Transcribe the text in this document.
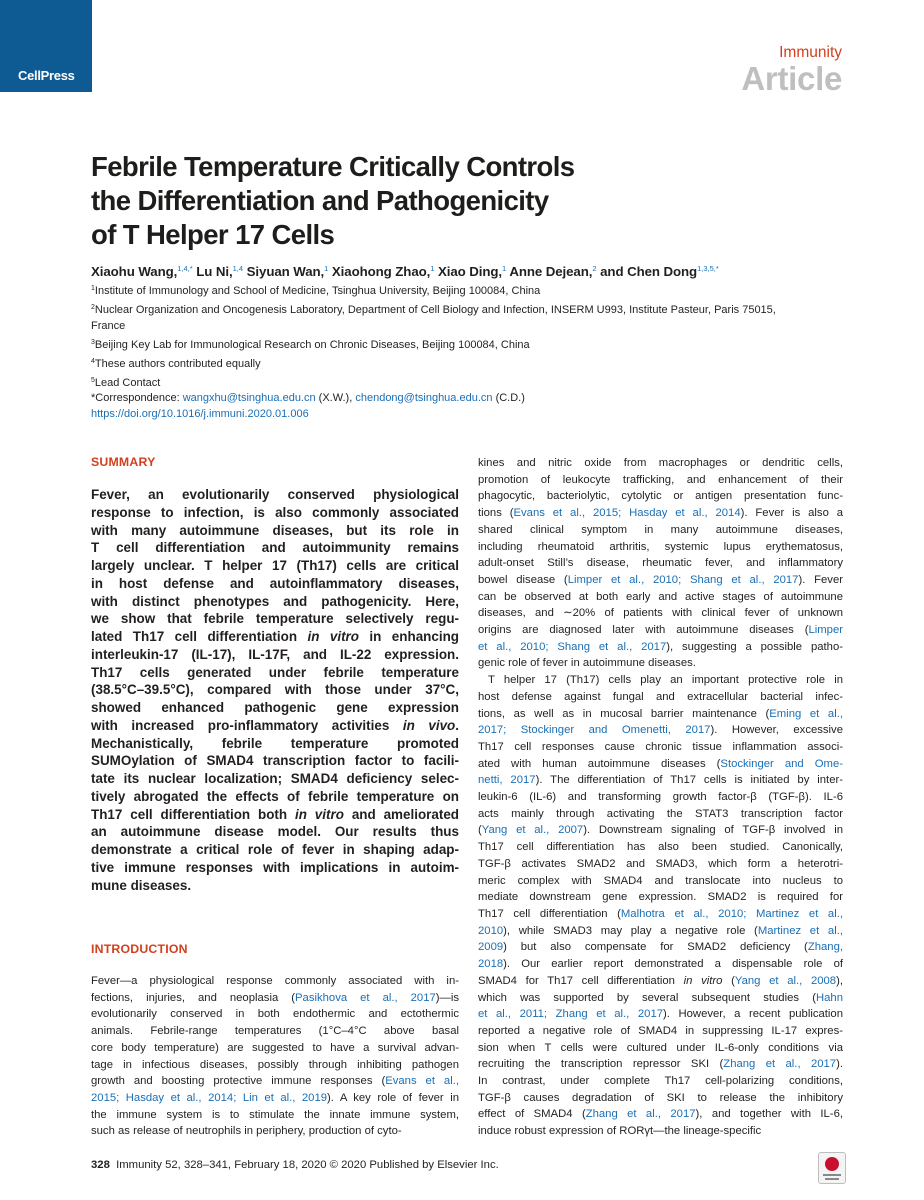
CellPress
Immunity
Article
Febrile Temperature Critically Controls
the Differentiation and Pathogenicity
of T Helper 17 Cells
Xiaohu Wang,$^{1,4,*}$ Lu Ni,$^{1,4}$ Siyuan Wan,$^1$ Xiaohong Zhao,$^1$ Xiao Ding,$^1$ Anne Dejean,$^2$ and Chen Dong$^{1,3,5,*}$
$^1$Institute of Immunology and School of Medicine, Tsinghua University, Beijing 100084, China
$^2$Nuclear Organization and Oncogenesis Laboratory, Department of Cell Biology and Infection, INSERM U993, Institute Pasteur, Paris 75015,
France
$^3$Beijing Key Lab for Immunological Research on Chronic Diseases, Beijing 100084, China
$^4$These authors contributed equally
$^5$Lead Contact
*Correspondence: wangxhu@tsinghua.edu.cn (X.W.), chendong@tsinghua.edu.cn (C.D.)
https://doi.org/10.1016/j.immuni.2020.01.006
SUMMARY
Fever, an evolutionarily conserved physiological
response to infection, is also commonly associated
with many autoimmune diseases, but its role in
T cell differentiation and autoimmunity remains
largely unclear. T helper 17 (Th17) cells are critical
in host defense and autoinflammatory diseases,
with distinct phenotypes and pathogenicity. Here,
we show that febrile temperature selectively regu-
lated Th17 cell differentiation in vitro in enhancing
interleukin-17 (IL-17), IL-17F, and IL-22 expression.
Th17 cells generated under febrile temperature
(38.5°C–39.5°C), compared with those under 37°C,
showed enhanced pathogenic gene expression
with increased pro-inflammatory activities in vivo.
Mechanistically, febrile temperature promoted
SUMOylation of SMAD4 transcription factor to facili-
tate its nuclear localization; SMAD4 deficiency selec-
tively abrogated the effects of febrile temperature on
Th17 cell differentiation both in vitro and ameliorated
an autoimmune disease model. Our results thus
demonstrate a critical role of fever in shaping adap-
tive immune responses with implications in autoim-
mune diseases.
INTRODUCTION
Fever—a physiological response commonly associated with in-
fections, injuries, and neoplasia (Pasikhova et al., 2017)—is
evolutionarily conserved in both endothermic and ectothermic
animals. Febrile-range temperatures (1°C–4°C above basal
core body temperature) are suggested to have a survival advan-
tage in infectious diseases, possibly through inhibiting pathogen
growth and boosting protective immune responses (Evans et al.,
2015; Hasday et al., 2014; Lin et al., 2019). A key role of fever in
the immune system is to stimulate the innate immune system,
such as release of neutrophils in periphery, production of cyto-
kines and nitric oxide from macrophages or dendritic cells,
promotion of leukocyte trafficking, and enhancement of their
phagocytic, bacteriolytic, cytolytic or antigen presentation func-
tions (Evans et al., 2015; Hasday et al., 2014). Fever is also a
shared clinical symptom in many autoimmune diseases,
including rheumatoid arthritis, systemic lupus erythematosus,
adult-onset Still’s disease, rheumatic fever, and inflammatory
bowel disease (Limper et al., 2010; Shang et al., 2017). Fever
can be observed at both early and active stages of autoimmune
diseases, and ∼20% of patients with clinical fever of unknown
origins are diagnosed later with autoimmune diseases (Limper
et al., 2010; Shang et al., 2017), suggesting a possible patho-
genic role of fever in autoimmune diseases.
T helper 17 (Th17) cells play an important protective role in
host defense against fungal and extracellular bacterial infec-
tions, as well as in mucosal barrier maintenance (Eming et al.,
2017; Stockinger and Omenetti, 2017). However, excessive
Th17 cell responses cause chronic tissue inflammation associ-
ated with human autoimmune diseases (Stockinger and Ome-
netti, 2017). The differentiation of Th17 cells is initiated by inter-
leukin-6 (IL-6) and transforming growth factor-β (TGF-β). IL-6
acts mainly through activating the STAT3 transcription factor
(Yang et al., 2007). Downstream signaling of TGF-β involved in
Th17 cell differentiation has also been studied. Canonically,
TGF-β activates SMAD2 and SMAD3, which form a heterotri-
meric complex with SMAD4 and translocate into nucleus to
mediate downstream gene expression. SMAD2 is required for
Th17 cell differentiation (Malhotra et al., 2010; Martinez et al.,
2010), while SMAD3 may play a negative role (Martinez et al.,
2009) but also compensate for SMAD2 deficiency (Zhang,
2018). Our earlier report demonstrated a dispensable role of
SMAD4 for Th17 cell differentiation in vitro (Yang et al., 2008),
which was supported by several subsequent studies (Hahn
et al., 2011; Zhang et al., 2017). However, a recent publication
reported a negative role of SMAD4 in suppressing IL-17 expres-
sion when T cells were cultured under IL-6-only conditions via
recruiting the transcription repressor SKI (Zhang et al., 2017).
In contrast, under complete Th17 cell-polarizing conditions,
TGF-β causes degradation of SKI to release the inhibitory
effect of SMAD4 (Zhang et al., 2017), and together with IL-6,
induce robust expression of RORγt—the lineage-specific
328  Immunity 52, 328–341, February 18, 2020 © 2020 Published by Elsevier Inc.
